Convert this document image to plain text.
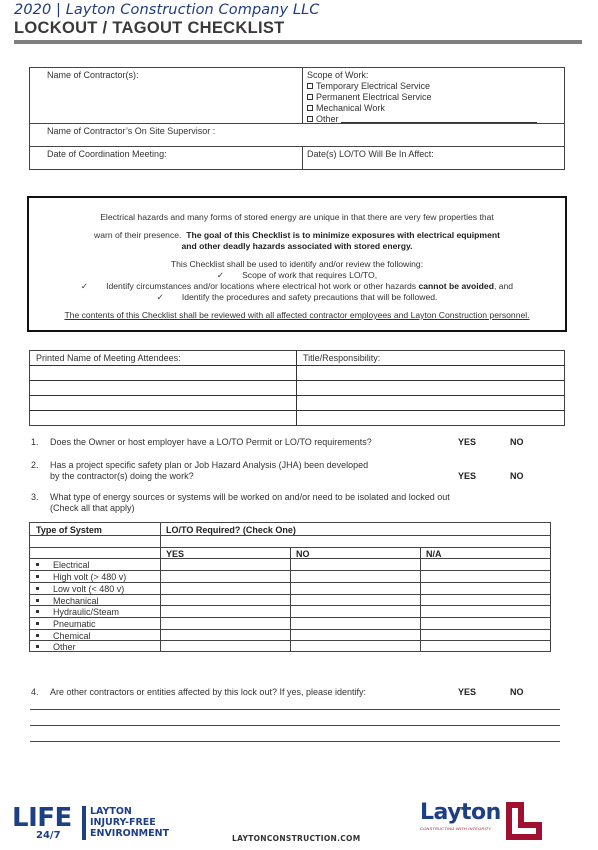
2020 | Layton Construction Company LLC
LOCKOUT / TAGOUT CHECKLIST
Name of Contractor(s):	Scope of Work:
Temporary Electrical Service
Permanent Electrical Service
Mechanical Work
Other
Name of Contractor’s On Site Supervisor :
Date of Coordination Meeting:	Date(s) LO/TO Will Be In Affect:
Electrical hazards and many forms of stored energy are unique in that there are very few properties that
warn of their presence. The goal of this Checklist is to minimize exposures with electrical equipment
and other deadly hazards associated with stored energy.
This Checklist shall be used to identify and/or review the following:
✓ Scope of work that requires LO/TO,
✓ Identify circumstances and/or locations where electrical hot work or other hazards cannot be avoided, and
✓ Identify the procedures and safety precautions that will be followed.
The contents of this Checklist shall be reviewed with all affected contractor employees and Layton Construction personnel.
Printed Name of Meeting Attendees:	Title/Responsibility:
1. Does the Owner or host employer have a LO/TO Permit or LO/TO requirements?	YES	NO
2. Has a project specific safety plan or Job Hazard Analysis (JHA) been developed
by the contractor(s) doing the work?	YES	NO
3. What type of energy sources or systems will be worked on and/or need to be isolated and locked out
(Check all that apply)
Type of System	LO/TO Required? (Check One)
YES	NO	N/A
Electrical
High volt (> 480 v)
Low volt (< 480 v)
Mechanical
Hydraulic/Steam
Pneumatic
Chemical
Other
4. Are other contractors or entities affected by this lock out? If yes, please identify:	YES	NO
LIFE
24/7
LAYTON
INJURY-FREE
ENVIRONMENT	LAYTONCONSTRUCTION.COM
Layton
CONSTRUCTING WITH INTEGRITY
